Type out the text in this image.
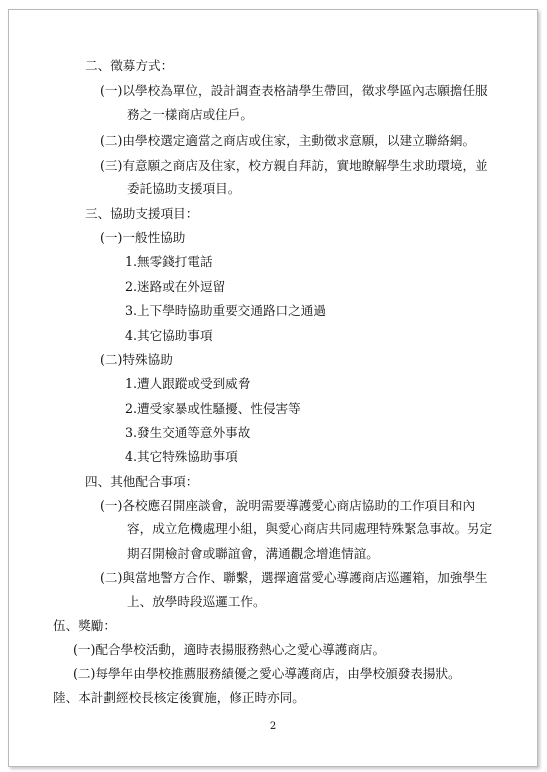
二、徵募方式：

(一)以學校為單位，設計調查表格請學生帶回，徵求學區內志願擔任服

務之一樣商店或住戶。

(二)由學校選定適當之商店或住家，主動徵求意願，以建立聯絡網。

(三)有意願之商店及住家，校方親自拜訪，實地瞭解學生求助環境，並

委託協助支援項目。

三、協助支援項目：

(一)一般性協助

1.無零錢打電話

2.迷路或在外逗留

3.上下學時協助重要交通路口之通過

4.其它協助事項

(二)特殊協助

1.遭人跟蹤或受到威脅

2.遭受家暴或性騷擾、性侵害等

3.發生交通等意外事故

4.其它特殊協助事項

四、其他配合事項：

(一)各校應召開座談會，說明需要導護愛心商店協助的工作項目和內

容，成立危機處理小組，與愛心商店共同處理特殊緊急事故。另定

期召開檢討會或聯誼會，溝通觀念增進情誼。

(二)與當地警方合作、聯繫，選擇適當愛心導護商店巡邏箱，加強學生

上、放學時段巡邏工作。

伍、獎勵：

(一)配合學校活動，適時表揚服務熱心之愛心導護商店。

(二)每學年由學校推薦服務績優之愛心導護商店，由學校頒發表揚狀。

陸、本計劃經校長核定後實施，修正時亦同。

2
